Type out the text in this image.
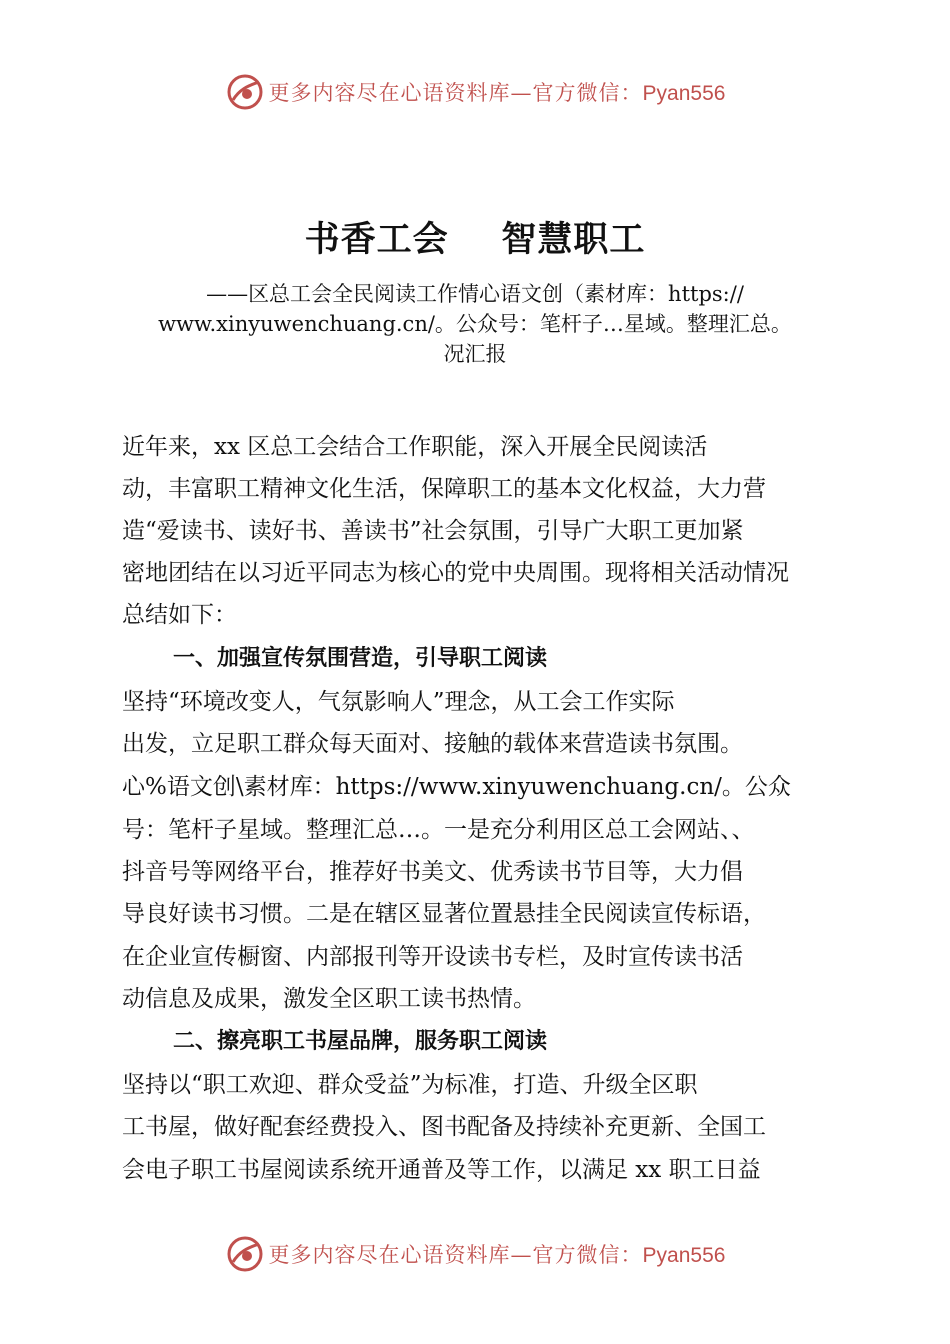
更多内容尽在心语资料库—官方微信：Pyan556
书香工会    智慧职工
——区总工会全民阅读工作情心语文创（素材库：https://
www.xinyuwenchuang.cn/。公众号：笔杆子…星域。整理汇总。
况汇报
近年来，xx 区总工会结合工作职能，深入开展全民阅读活
动，丰富职工精神文化生活，保障职工的基本文化权益，大力营
造“爱读书、读好书、善读书”社会氛围，引导广大职工更加紧
密地团结在以习近平同志为核心的党中央周围。现将相关活动情况
总结如下：
一、加强宣传氛围营造，引导职工阅读
坚持“环境改变人，气氛影响人”理念，从工会工作实际
出发，立足职工群众每天面对、接触的载体来营造读书氛围。
心%语文创\素材库：https://www.xinyuwenchuang.cn/。公众
号：笔杆子星域。整理汇总…。一是充分利用区总工会网站、、
抖音号等网络平台，推荐好书美文、优秀读书节目等，大力倡
导良好读书习惯。二是在辖区显著位置悬挂全民阅读宣传标语，
在企业宣传橱窗、内部报刊等开设读书专栏，及时宣传读书活
动信息及成果，激发全区职工读书热情。
二、擦亮职工书屋品牌，服务职工阅读
坚持以“职工欢迎、群众受益”为标准，打造、升级全区职
工书屋，做好配套经费投入、图书配备及持续补充更新、全国工
会电子职工书屋阅读系统开通普及等工作，以满足 xx 职工日益
更多内容尽在心语资料库—官方微信：Pyan556
